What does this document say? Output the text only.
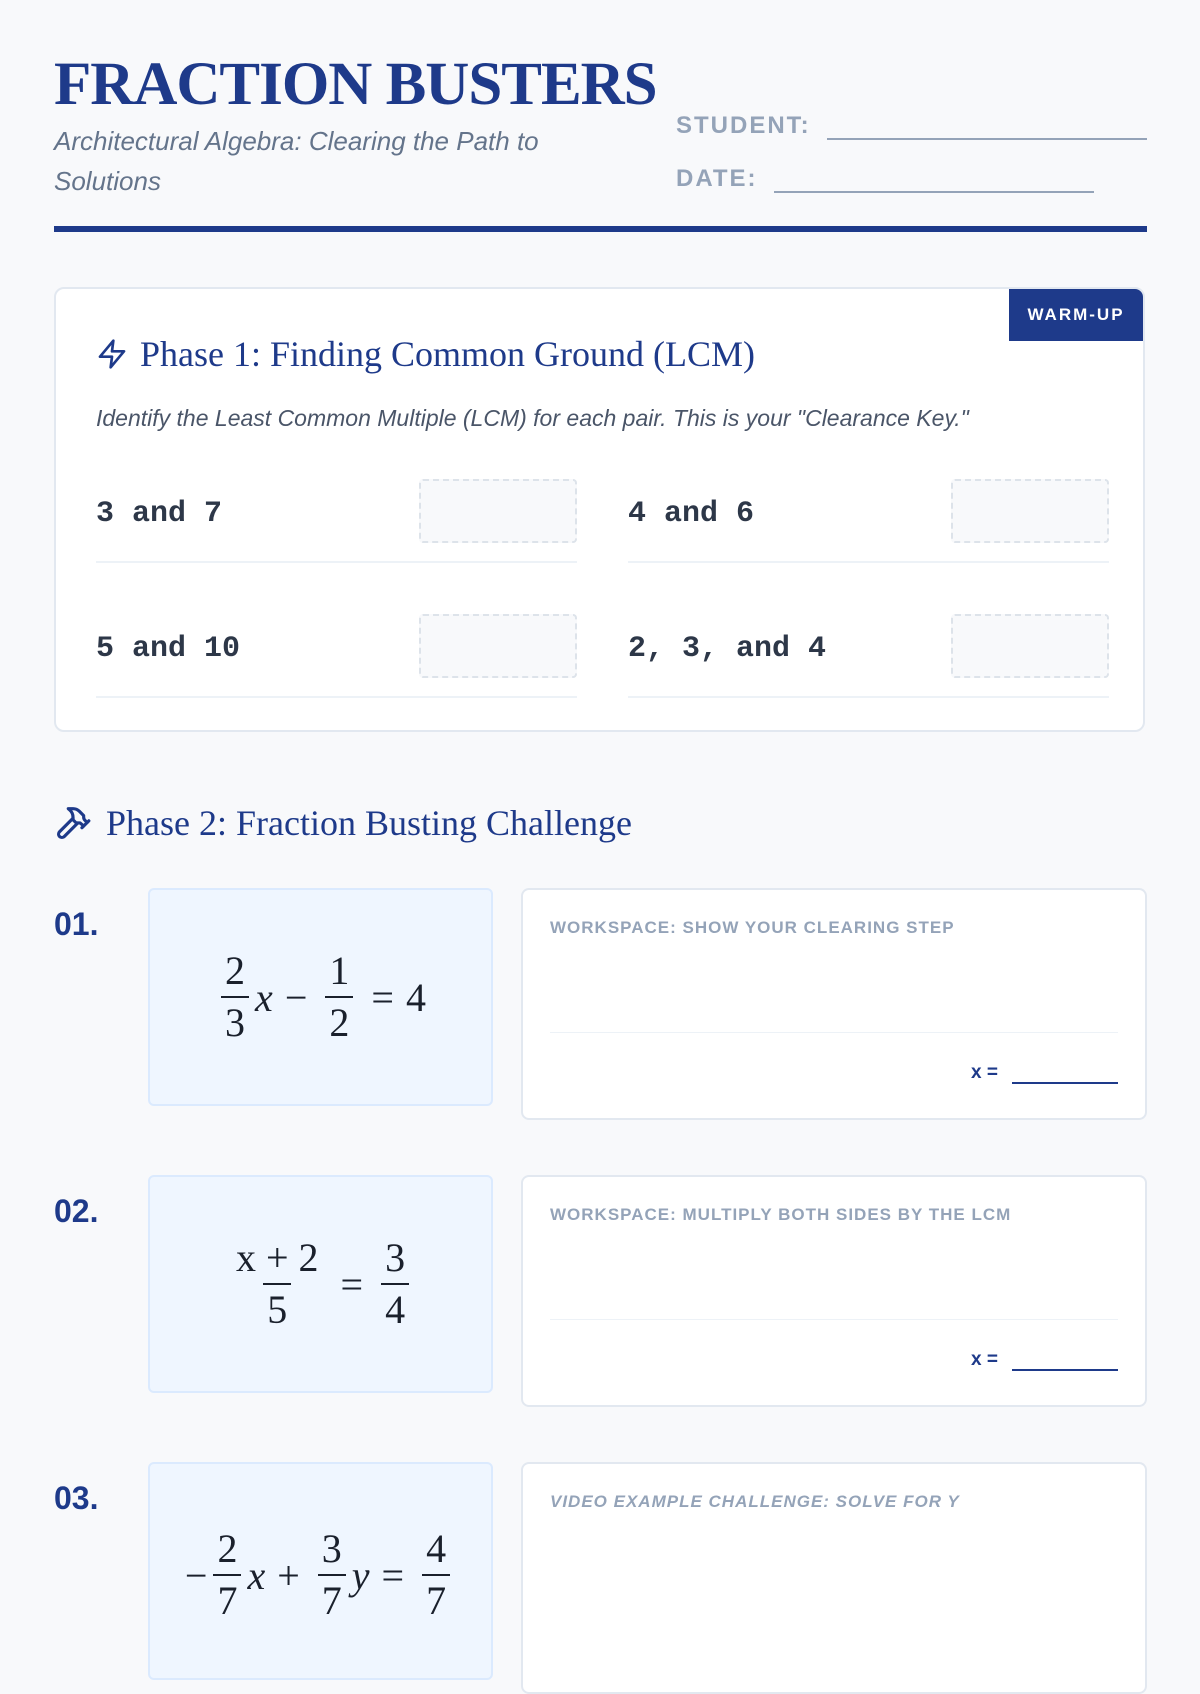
FRACTION BUSTERS

Architectural Algebra: Clearing the Path to Solutions

STUDENT:
DATE:
WARM-UP
Phase 1: Finding Common Ground (LCM)

Identify the Least Common Multiple (LCM) for each pair. This is your "Clearance Key."

3 and 7	4 and 6
5 and 10	2, 3, and 4
Phase 2: Fraction Busting Challenge
01.
$\frac{2}{3}$ $x - \frac{1}{2} = 4$
WORKSPACE: SHOW YOUR CLEARING STEP
x =
02.
$\frac{x + 2}{5} = \frac{3}{4}$
WORKSPACE: MULTIPLY BOTH SIDES BY THE LCM
x =
03.
− $\frac{2}{7}$ $x + \frac{3}{7}$ $y = \frac{4}{7}$
VIDEO EXAMPLE CHALLENGE: SOLVE FOR Y
